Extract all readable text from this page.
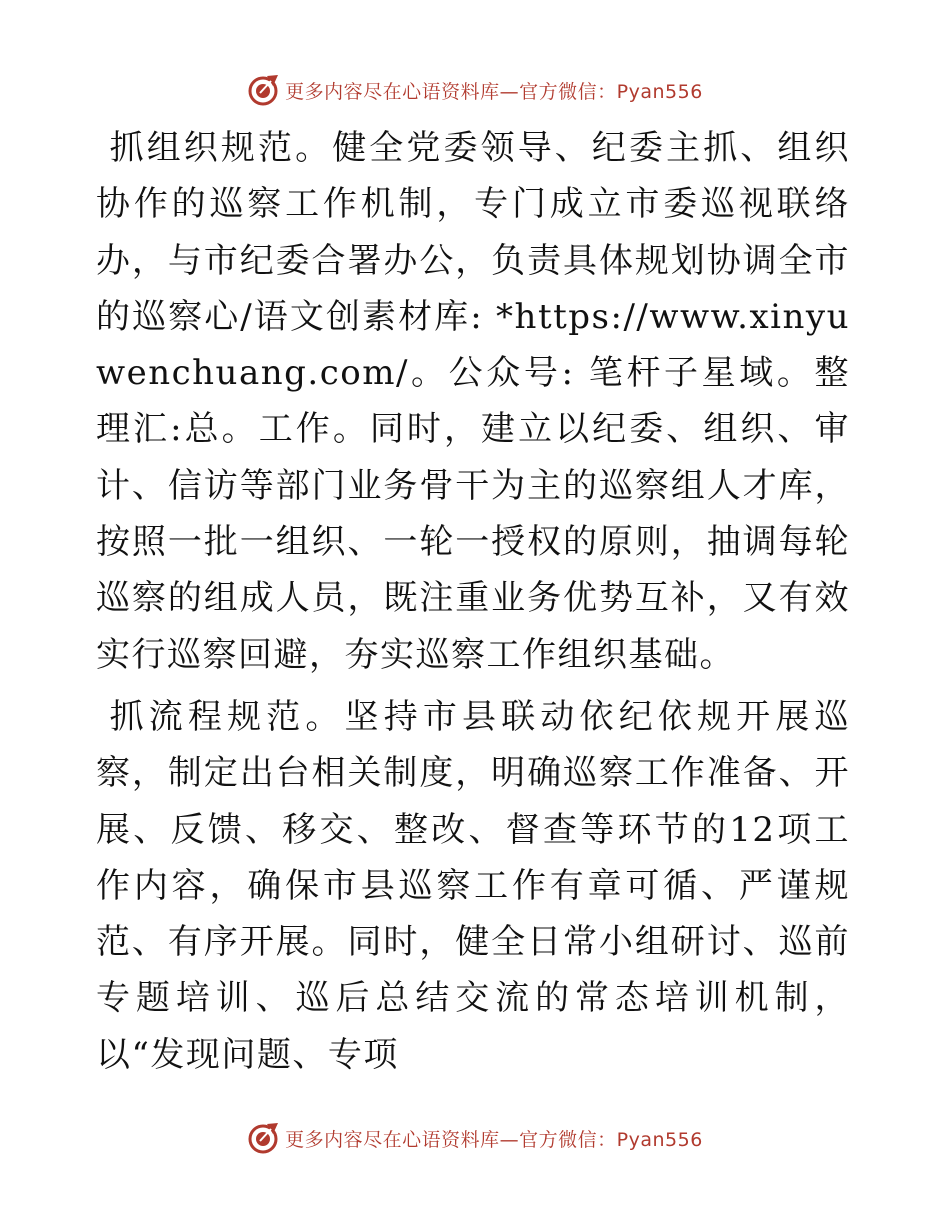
更多内容尽在心语资料库—官方微信：Pyan556

抓组织规范。健全党委领导、纪委主抓、组织协作的巡察工作机制，专门成立市委巡视联络办，与市纪委合署办公，负责具体规划协调全市的巡察心/语文创素材库: *https://www.xinyuwenchuang.com/。公众号: 笔杆子星域。整理汇:总。工作。同时，建立以纪委、组织、审计、信访等部门业务骨干为主的巡察组人才库，按照一批一组织、一轮一授权的原则，抽调每轮巡察的组成人员，既注重业务优势互补，又有效实行巡察回避，夯实巡察工作组织基础。

抓流程规范。坚持市县联动依纪依规开展巡察，制定出台相关制度，明确巡察工作准备、开展、反馈、移交、整改、督查等环节的12项工作内容，确保市县巡察工作有章可循、严谨规范、有序开展。同时，健全日常小组研讨、巡前专题培训、巡后总结交流的常态培训机制，以“发现问题、专项

更多内容尽在心语资料库—官方微信：Pyan556
